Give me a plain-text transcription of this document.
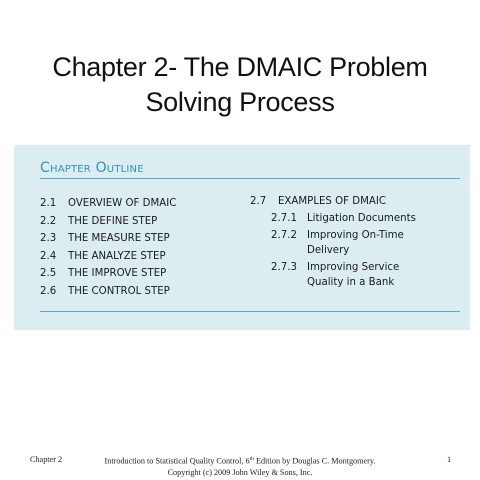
Chapter 2- The DMAIC Problem
Solving Process
Chapter Outline
2.1	OVERVIEW OF DMAIC
2.2	THE DEFINE STEP
2.3	THE MEASURE STEP
2.4	THE ANALYZE STEP
2.5	THE IMPROVE STEP
2.6	THE CONTROL STEP
2.7	EXAMPLES OF DMAIC
2.7.1 Litigation Documents
2.7.2 Improving On-Time Delivery
2.7.3 Improving Service Quality in a Bank
Chapter 2	Introduction to Statistical Quality Control, 6th Edition by Douglas C. Montgomery.
Copyright (c) 2009 John Wiley & Sons, Inc.
1
